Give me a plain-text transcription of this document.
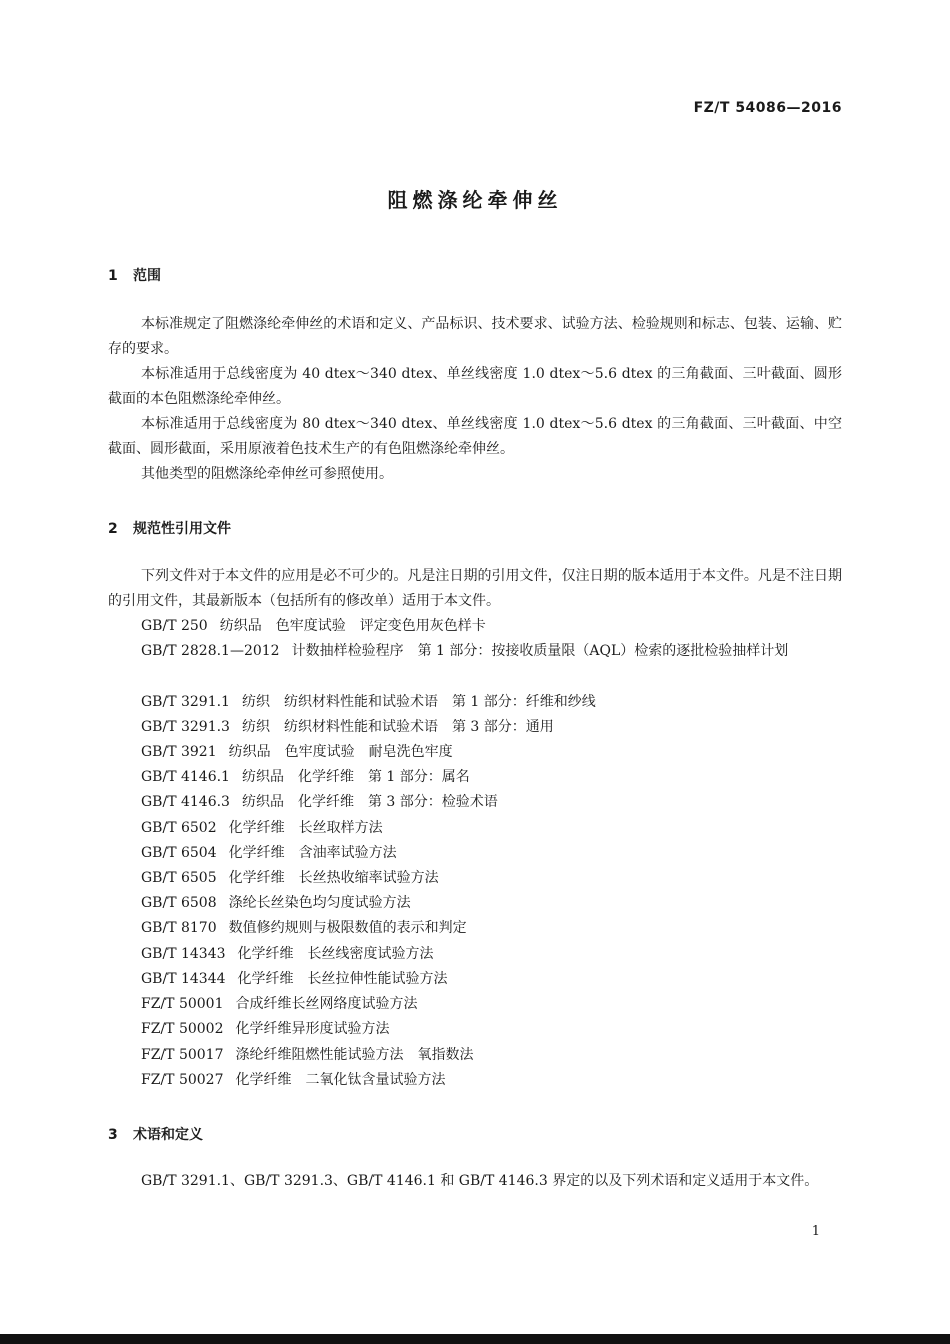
FZ/T 54086—2016
阻燃涤纶牵伸丝
1 范围

本标准规定了阻燃涤纶牵伸丝的术语和定义、产品标识、技术要求、试验方法、检验规则和标志、包装、运输、贮存的要求。

本标准适用于总线密度为 40 dtex～340 dtex、单丝线密度 1.0 dtex～5.6 dtex 的三角截面、三叶截面、圆形截面的本色阻燃涤纶牵伸丝。

本标准适用于总线密度为 80 dtex～340 dtex、单丝线密度 1.0 dtex～5.6 dtex 的三角截面、三叶截面、中空截面、圆形截面，采用原液着色技术生产的有色阻燃涤纶牵伸丝。

其他类型的阻燃涤纶牵伸丝可参照使用。

2 规范性引用文件

下列文件对于本文件的应用是必不可少的。凡是注日期的引用文件，仅注日期的版本适用于本文件。凡是不注日期的引用文件，其最新版本（包括所有的修改单）适用于本文件。

GB/T 250 纺织品　色牢度试验　评定变色用灰色样卡
GB/T 2828.1—2012 计数抽样检验程序　第 1 部分：按接收质量限（AQL）检索的逐批检验抽样计划
GB/T 3291.1 纺织　纺织材料性能和试验术语　第 1 部分：纤维和纱线
GB/T 3291.3 纺织　纺织材料性能和试验术语　第 3 部分：通用
GB/T 3921 纺织品　色牢度试验　耐皂洗色牢度
GB/T 4146.1 纺织品　化学纤维　第 1 部分：属名
GB/T 4146.3 纺织品　化学纤维　第 3 部分：检验术语
GB/T 6502 化学纤维　长丝取样方法
GB/T 6504 化学纤维　含油率试验方法
GB/T 6505 化学纤维　长丝热收缩率试验方法
GB/T 6508 涤纶长丝染色均匀度试验方法
GB/T 8170 数值修约规则与极限数值的表示和判定
GB/T 14343 化学纤维　长丝线密度试验方法
GB/T 14344 化学纤维　长丝拉伸性能试验方法
FZ/T 50001 合成纤维长丝网络度试验方法
FZ/T 50002 化学纤维异形度试验方法
FZ/T 50017 涤纶纤维阻燃性能试验方法　氧指数法
FZ/T 50027 化学纤维　二氧化钛含量试验方法
3 术语和定义

GB/T 3291.1、GB/T 3291.3、GB/T 4146.1 和 GB/T 4146.3 界定的以及下列术语和定义适用于本文件。

1
